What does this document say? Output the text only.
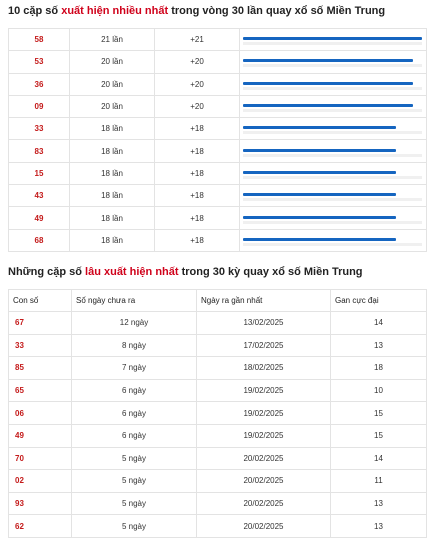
10 cặp số xuất hiện nhiều nhất trong vòng 30 lần quay xổ số Miền Trung
58	21 lần	+21	

53	20 lần	+20	

36	20 lần	+20	

09	20 lần	+20	

33	18 lần	+18	

83	18 lần	+18	

15	18 lần	+18	

43	18 lần	+18	

49	18 lần	+18	

68	18 lần	+18	
Những cặp số lâu xuất hiện nhất trong 30 kỳ quay xổ số Miền Trung
Con số	Số ngày chưa ra	Ngày ra gần nhất	Gan cực đại
67	12 ngày	13/02/2025	14
33	8 ngày	17/02/2025	13
85	7 ngày	18/02/2025	18
65	6 ngày	19/02/2025	10
06	6 ngày	19/02/2025	15
49	6 ngày	19/02/2025	15
70	5 ngày	20/02/2025	14
02	5 ngày	20/02/2025	11
93	5 ngày	20/02/2025	13
62	5 ngày	20/02/2025	13
